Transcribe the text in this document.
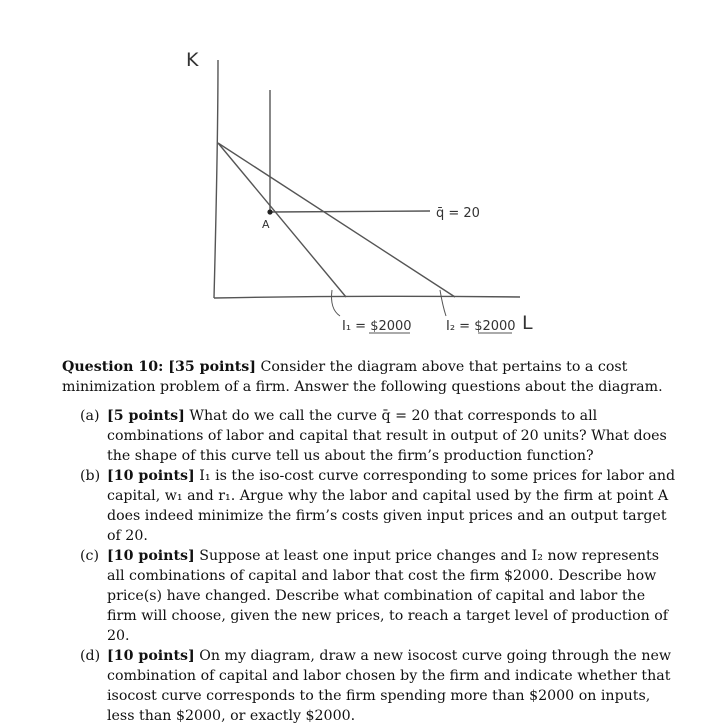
K
L
A
q̄ = 20
I₁ = $2000	I₂ = $2000

Question 10: [35 points] Consider the diagram above that pertains to a cost minimization problem of a firm. Answer the following questions about the diagram.

(a) [5 points] What do we call the curve q̄ = 20 that corresponds to all combinations of labor and capital that result in output of 20 units? What does the shape of this curve tell us about the firm’s production function?
(b) [10 points] I₁ is the iso-cost curve corresponding to some prices for labor and capital, w₁ and r₁. Argue why the labor and capital used by the firm at point A does indeed minimize the firm’s costs given input prices and an output target of 20.
(c) [10 points] Suppose at least one input price changes and I₂ now represents all combinations of capital and labor that cost the firm $2000. Describe how price(s) have changed. Describe what combination of capital and labor the firm will choose, given the new prices, to reach a target level of production of 20.
(d) [10 points] On my diagram, draw a new isocost curve going through the new combination of capital and labor chosen by the firm and indicate whether that isocost curve corresponds to the firm spending more than $2000 on inputs, less than $2000, or exactly $2000.
